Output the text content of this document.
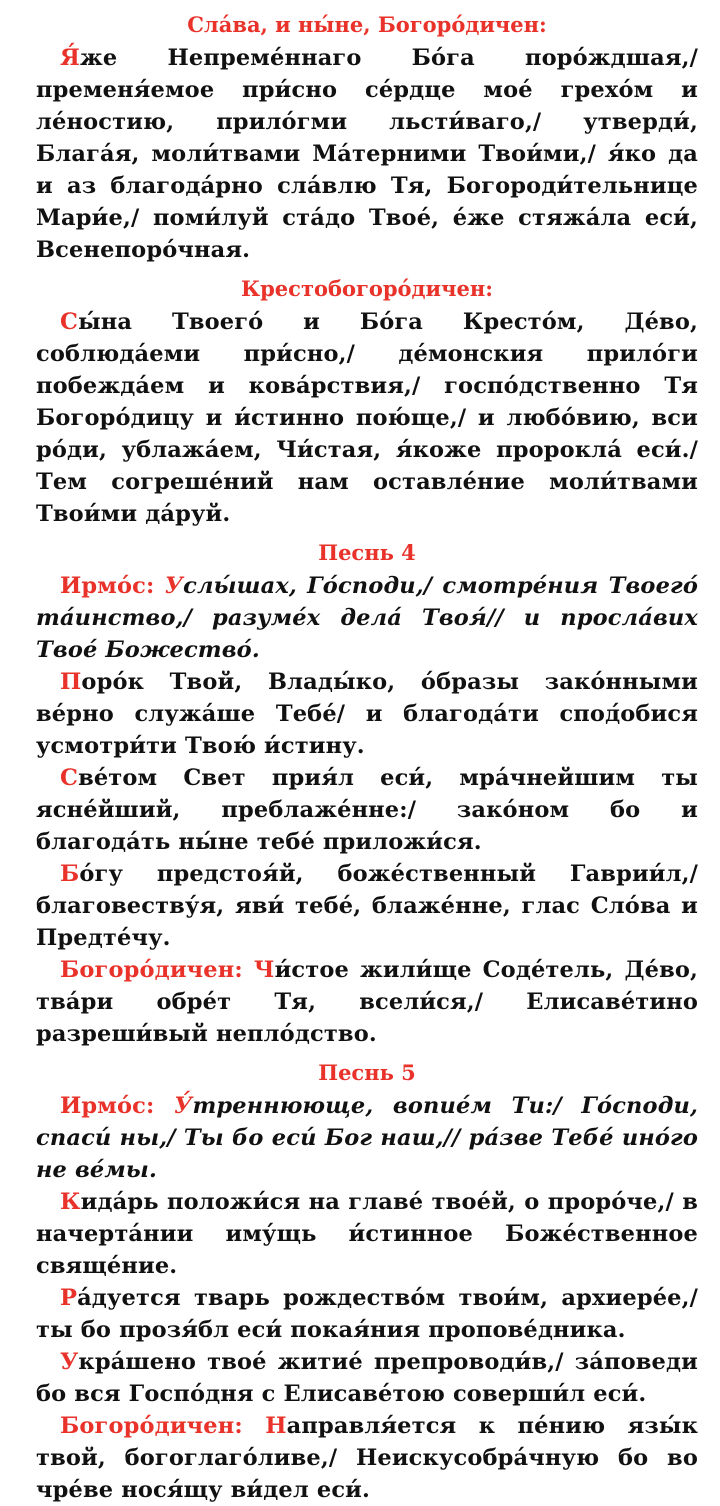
Сла́ва, и ны́не, Богоро́дичен:

Я́же Непреме́ннаго Бо́га поро́ждшая,/ пременя́емое при́сно се́рдце мое́ грехо́м и ле́ностию, прило́гми льсти́ваго,/ утверди́, Блага́я, моли́твами Ма́терними Твои́ми,/ я́ко да и аз благода́рно сла́влю Тя, Богороди́тельнице Мари́е,/ поми́луй ста́до Твое́, е́же стяжа́ла еси́, Всенепоро́чная.

Крестобогоро́дичен:

Сы́на Твоего́ и Бо́га Кресто́м, Де́во, соблюда́еми при́сно,/ де́монския прило́ги побежда́ем и кова́рствия,/ госпо́дственно Тя Богоро́дицу и и́стинно пою́ще,/ и любо́вию, вси ро́ди, ублажа́ем, Чи́стая, я́коже пророкла́ еси́./ Тем согреше́ний нам оставле́ние моли́твами Твои́ми да́руй.

Песнь 4

Ирмо́с: Услы́шах, Го́споди,/ смотре́ния Твоего́ та́инство,/ разуме́х дела́ Твоя́// и просла́вих Твое́ Божество́.

Поро́к Твой, Влады́ко, о́бразы зако́нными ве́рно служа́ше Тебе́/ и благода́ти спод́обися усмотри́ти Твою́ и́стину.

Све́том Свет прия́л еси́, мра́чнейшим ты ясне́йший, преблаже́нне:/ зако́ном бо и благода́ть ны́не тебе́ приложи́ся.

Бо́гу предстоя́й, боже́ственный Гаврии́л,/ благовеству́я, яви́ тебе́, блаже́нне, глас Сло́ва и Предте́чу.

Богоро́дичен: Чи́стое жили́ще Соде́тель, Де́во, тва́ри обре́т Тя, всели́ся,/ Елисаве́тино разреши́вый непло́дство.

Песнь 5

Ирмо́с: У́треннююще, вопие́м Ти:/ Го́споди, спаси́ ны,/ Ты бо еси́ Бог наш,// ра́зве Тебе́ ино́го не ве́мы.

Кида́рь положи́ся на главе́ твое́й, о проро́че,/ в начерта́нии иму́щь и́стинное Боже́ственное свяще́ние.

Ра́дуется тварь рождество́м твои́м, архиере́е,/ ты бо прозя́бл еси́ покая́ния пропове́дника.

Укра́шено твое́ житие́ препроводи́в,/ за́поведи бо вся Госпо́дня с Елисаве́тою соверши́л еси́.

Богоро́дичен: Направля́ется к пе́нию язы́к твой, богоглаго́ливе,/ Неискусобра́чную бо во чре́ве нося́щу ви́дел еси́.
